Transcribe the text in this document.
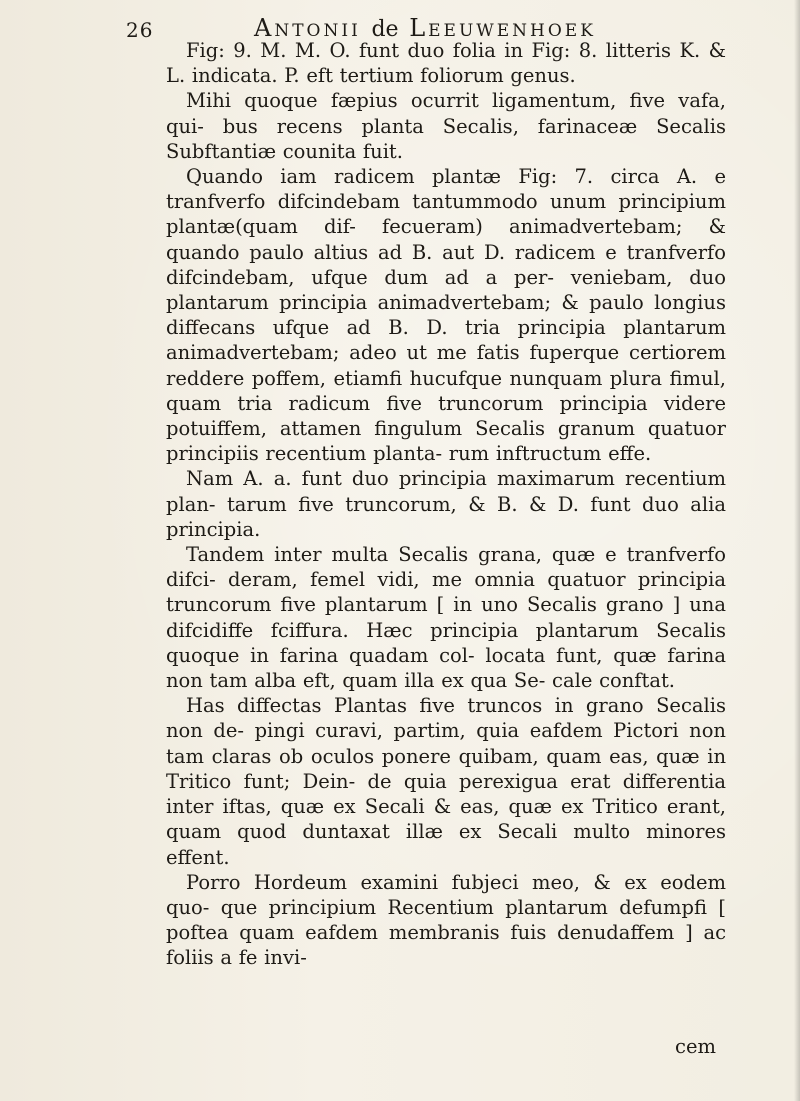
26	Antonii de Leeuwenhoek

Fig: 9. M. M. O. funt duo folia in Fig: 8. litteris K. & L. indicata. P. eft tertium foliorum genus.

Mihi quoque fæpius ocurrit ligamentum, five vafa, qui- bus recens planta Secalis, farinaceæ Secalis Subftantiæ counita fuit.

Quando iam radicem plantæ Fig: 7. circa A. e tranfverfo difcindebam tantummodo unum principium plantæ(quam dif- fecueram) animadvertebam; & quando paulo altius ad B. aut D. radicem e tranfverfo difcindebam, ufque dum ad a per- veniebam, duo plantarum principia animadvertebam; & paulo longius diffecans ufque ad B. D. tria principia plantarum animadvertebam; adeo ut me fatis fuperque certiorem reddere poffem, etiamfi hucufque nunquam plura fimul, quam tria radicum five truncorum principia videre potuiffem, attamen fingulum Secalis granum quatuor principiis recentium planta- rum inftructum effe.

Nam A. a. funt duo principia maximarum recentium plan- tarum five truncorum, & B. & D. funt duo alia principia.

Tandem inter multa Secalis grana, quæ e tranfverfo difci- deram, femel vidi, me omnia quatuor principia truncorum five plantarum [ in uno Secalis grano ] una difcidiffe fciffura. Hæc principia plantarum Secalis quoque in farina quadam col- locata funt, quæ farina non tam alba eft, quam illa ex qua Se- cale conftat.

Has diffectas Plantas five truncos in grano Secalis non de- pingi curavi, partim, quia eafdem Pictori non tam claras ob oculos ponere quibam, quam eas, quæ in Tritico funt; Dein- de quia perexigua erat differentia inter iftas, quæ ex Secali & eas, quæ ex Tritico erant, quam quod duntaxat illæ ex Secali multo minores effent.

Porro Hordeum examini fubjeci meo, & ex eodem quo- que principium Recentium plantarum defumpfi [ poftea quam eafdem membranis fuis denudaffem ] ac foliis a fe invi-

cem
